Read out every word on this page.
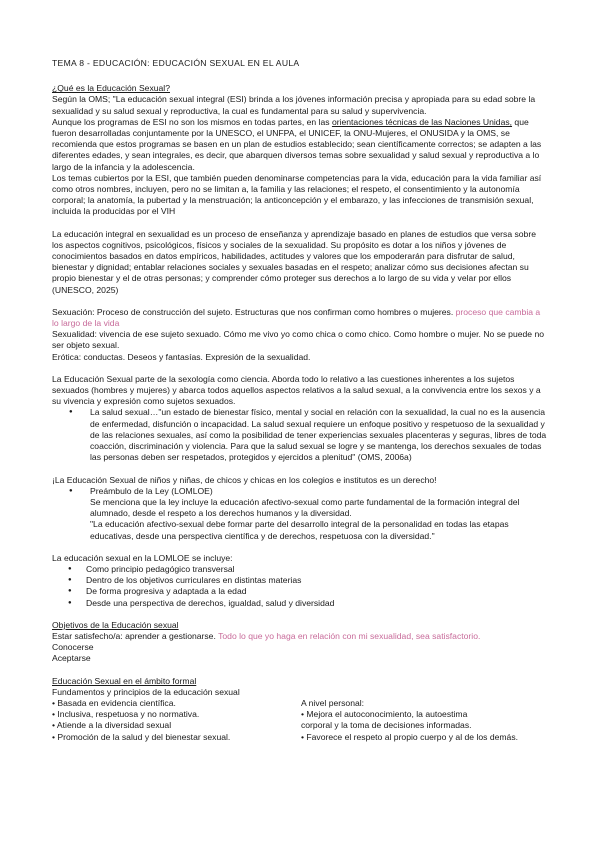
TEMA 8 - EDUCACIÓN: EDUCACIÓN SEXUAL EN EL AULA

¿Qué es la Educación Sexual?

Según la OMS; "La educación sexual integral (ESI) brinda a los jóvenes información precisa y apropiada para su edad sobre la sexualidad y su salud sexual y reproductiva, la cual es fundamental para su salud y supervivencia.

Aunque los programas de ESI no son los mismos en todas partes, en las orientaciones técnicas de las Naciones Unidas, que fueron desarrolladas conjuntamente por la UNESCO, el UNFPA, el UNICEF, la ONU-Mujeres, el ONUSIDA y la OMS, se recomienda que estos programas se basen en un plan de estudios establecido; sean científicamente correctos; se adapten a las diferentes edades, y sean integrales, es decir, que abarquen diversos temas sobre sexualidad y salud sexual y reproductiva a lo largo de la infancia y la adolescencia.

Los temas cubiertos por la ESI, que también pueden denominarse competencias para la vida, educación para la vida familiar así como otros nombres, incluyen, pero no se limitan a, la familia y las relaciones; el respeto, el consentimiento y la autonomía corporal; la anatomía, la pubertad y la menstruación; la anticoncepción y el embarazo, y las infecciones de transmisión sexual, incluida la producidas por el VIH

La educación integral en sexualidad es un proceso de enseñanza y aprendizaje basado en planes de estudios que versa sobre los aspectos cognitivos, psicológicos, físicos y sociales de la sexualidad. Su propósito es dotar a los niños y jóvenes de conocimientos basados en datos empíricos, habilidades, actitudes y valores que los empoderarán para disfrutar de salud, bienestar y dignidad; entablar relaciones sociales y sexuales basadas en el respeto; analizar cómo sus decisiones afectan su propio bienestar y el de otras personas; y comprender cómo proteger sus derechos a lo largo de su vida y velar por ellos (UNESCO, 2025)

Sexuación: Proceso de construcción del sujeto. Estructuras que nos confirman como hombres o mujeres. proceso que cambia a lo largo de la vida

Sexualidad: vivencia de ese sujeto sexuado. Cómo me vivo yo como chica o como chico. Como hombre o mujer. No se puede no ser objeto sexual.

Erótica: conductas. Deseos y fantasías. Expresión de la sexualidad.

La Educación Sexual parte de la sexología como ciencia. Aborda todo lo relativo a las cuestiones inherentes a los sujetos sexuados (hombres y mujeres) y abarca todos aquellos aspectos relativos a la salud sexual, a la convivencia entre los sexos y a su vivencia y expresión como sujetos sexuados.

● La salud sexual…"un estado de bienestar físico, mental y social en relación con la sexualidad, la cual no es la ausencia de enfermedad, disfunción o incapacidad. La salud sexual requiere un enfoque positivo y respetuoso de la sexualidad y de las relaciones sexuales, así como la posibilidad de tener experiencias sexuales placenteras y seguras, libres de toda coacción, discriminación y violencia. Para que la salud sexual se logre y se mantenga, los derechos sexuales de todas las personas deben ser respetados, protegidos y ejercidos a plenitud" (OMS, 2006a)

¡La Educación Sexual de niños y niñas, de chicos y chicas en los colegios e institutos es un derecho!

● Preámbulo de la Ley (LOMLOE)
Se menciona que la ley incluye la educación afectivo-sexual como parte fundamental de la formación integral del alumnado, desde el respeto a los derechos humanos y la diversidad.
"La educación afectivo-sexual debe formar parte del desarrollo integral de la personalidad en todas las etapas educativas, desde una perspectiva científica y de derechos, respetuosa con la diversidad."

La educación sexual en la LOMLOE se incluye:

● Como principio pedagógico transversal
● Dentro de los objetivos curriculares en distintas materias
● De forma progresiva y adaptada a la edad
● Desde una perspectiva de derechos, igualdad, salud y diversidad

Objetivos de la Educación sexual

Estar satisfecho/a: aprender a gestionarse. Todo lo que yo haga en relación con mi sexualidad, sea satisfactorio.

Conocerse

Aceptarse

Educación Sexual en el ámbito formal

Fundamentos y principios de la educación sexual

• Basada en evidencia científica.

• Inclusiva, respetuosa y no normativa.

• Atiende a la diversidad sexual

• Promoción de la salud y del bienestar sexual.

A nivel personal:

• Mejora el autoconocimiento, la autoestima

corporal y la toma de decisiones informadas.

• Favorece el respeto al propio cuerpo y al de los demás.
